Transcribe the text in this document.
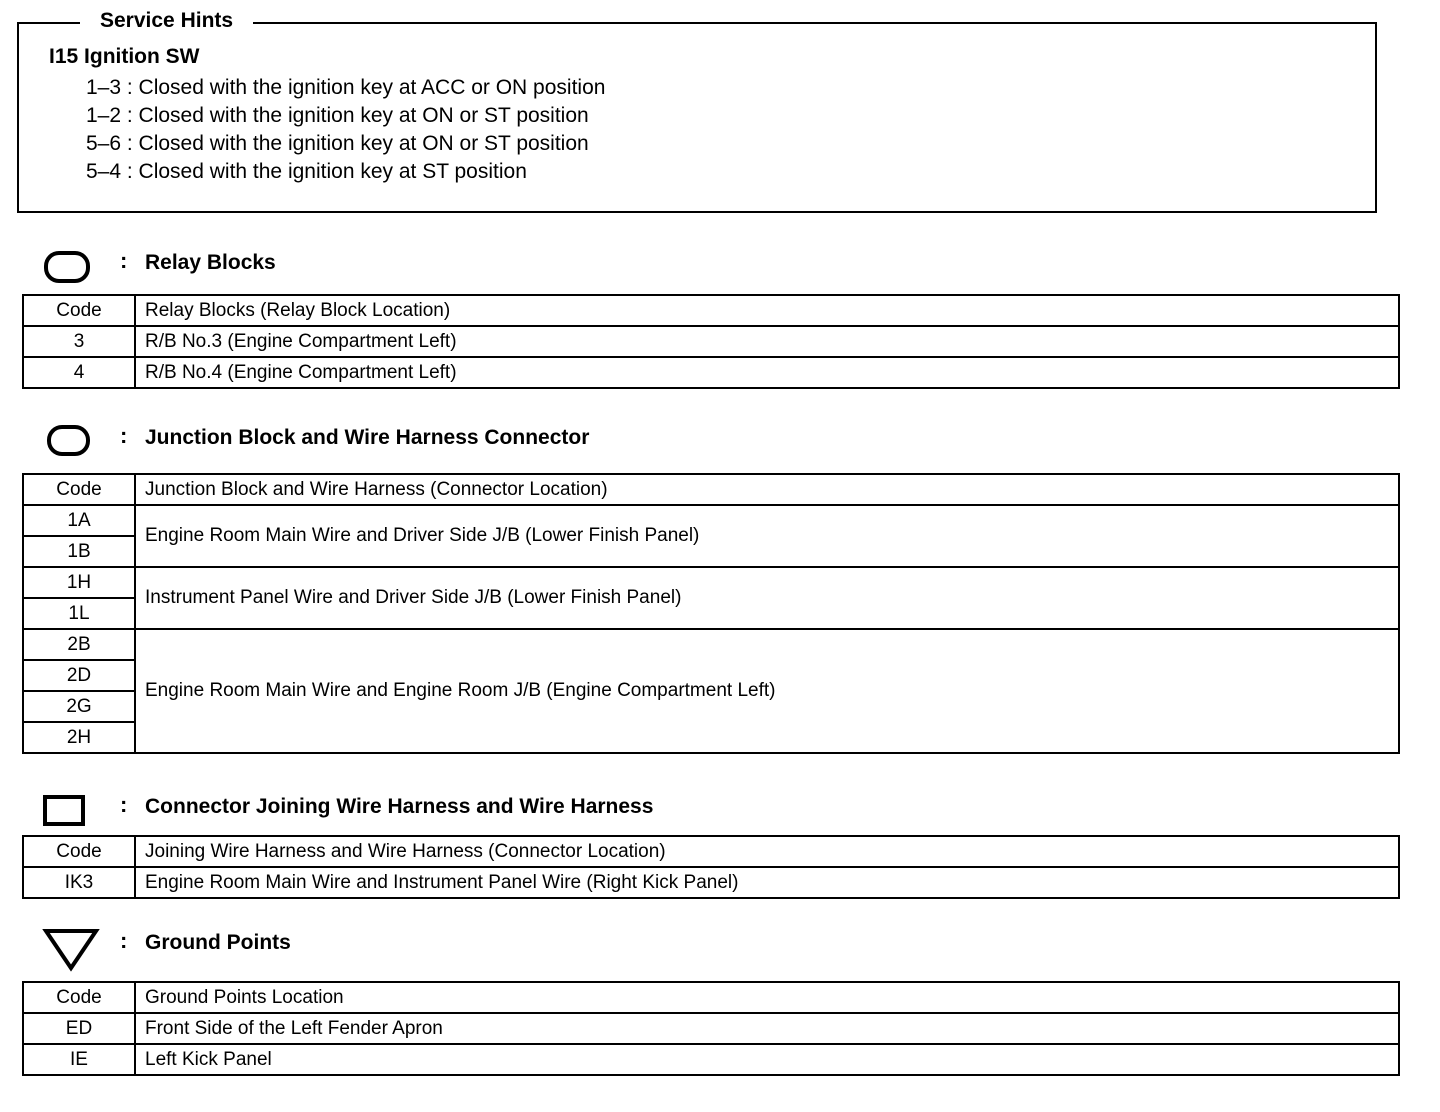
Service Hints
I15 Ignition SW
1–3 : Closed with the ignition key at ACC or ON position
1–2 : Closed with the ignition key at ON or ST position
5–6 : Closed with the ignition key at ON or ST position
5–4 : Closed with the ignition key at ST position
: Relay Blocks
Code	Relay Blocks (Relay Block Location)
3	R/B No.3 (Engine Compartment Left)
4	R/B No.4 (Engine Compartment Left)
: Junction Block and Wire Harness Connector
Code	Junction Block and Wire Harness (Connector Location)
1A	Engine Room Main Wire and Driver Side J/B (Lower Finish Panel)
1B	
1H	Instrument Panel Wire and Driver Side J/B (Lower Finish Panel)
1L	
2B	Engine Room Main Wire and Engine Room J/B (Engine Compartment Left)
2D	
2G	
2H	
: Connector Joining Wire Harness and Wire Harness
Code	Joining Wire Harness and Wire Harness (Connector Location)
IK3	Engine Room Main Wire and Instrument Panel Wire (Right Kick Panel)
: Ground Points
Code	Ground Points Location
ED	Front Side of the Left Fender Apron
IE	Left Kick Panel
